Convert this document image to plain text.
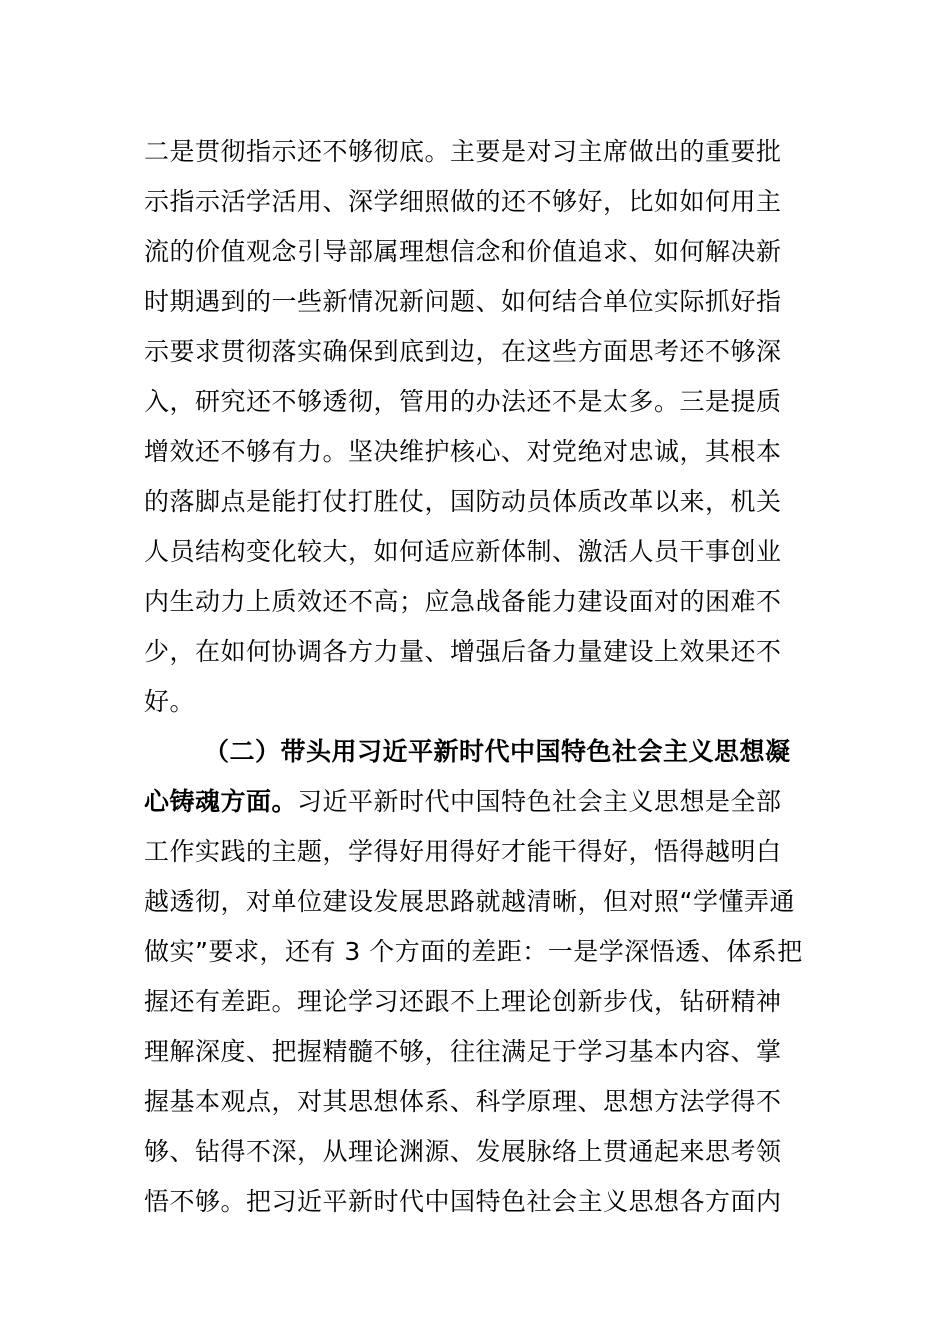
二是贯彻指示还不够彻底。主要是对习主席做出的重要批
示指示活学活用、深学细照做的还不够好，比如如何用主
流的价值观念引导部属理想信念和价值追求、如何解决新
时期遇到的一些新情况新问题、如何结合单位实际抓好指
示要求贯彻落实确保到底到边，在这些方面思考还不够深
入，研究还不够透彻，管用的办法还不是太多。三是提质
增效还不够有力。坚决维护核心、对党绝对忠诚，其根本
的落脚点是能打仗打胜仗，国防动员体质改革以来，机关
人员结构变化较大，如何适应新体制、激活人员干事创业
内生动力上质效还不高；应急战备能力建设面对的困难不
少，在如何协调各方力量、增强后备力量建设上效果还不
好。
（二）带头用习近平新时代中国特色社会主义思想凝
心铸魂方面。习近平新时代中国特色社会主义思想是全部
工作实践的主题，学得好用得好才能干得好，悟得越明白
越透彻，对单位建设发展思路就越清晰，但对照“学懂弄通
做实”要求，还有 3 个方面的差距：一是学深悟透、体系把
握还有差距。理论学习还跟不上理论创新步伐，钻研精神
理解深度、把握精髓不够，往往满足于学习基本内容、掌
握基本观点，对其思想体系、科学原理、思想方法学得不
够、钻得不深，从理论渊源、发展脉络上贯通起来思考领
悟不够。把习近平新时代中国特色社会主义思想各方面内
